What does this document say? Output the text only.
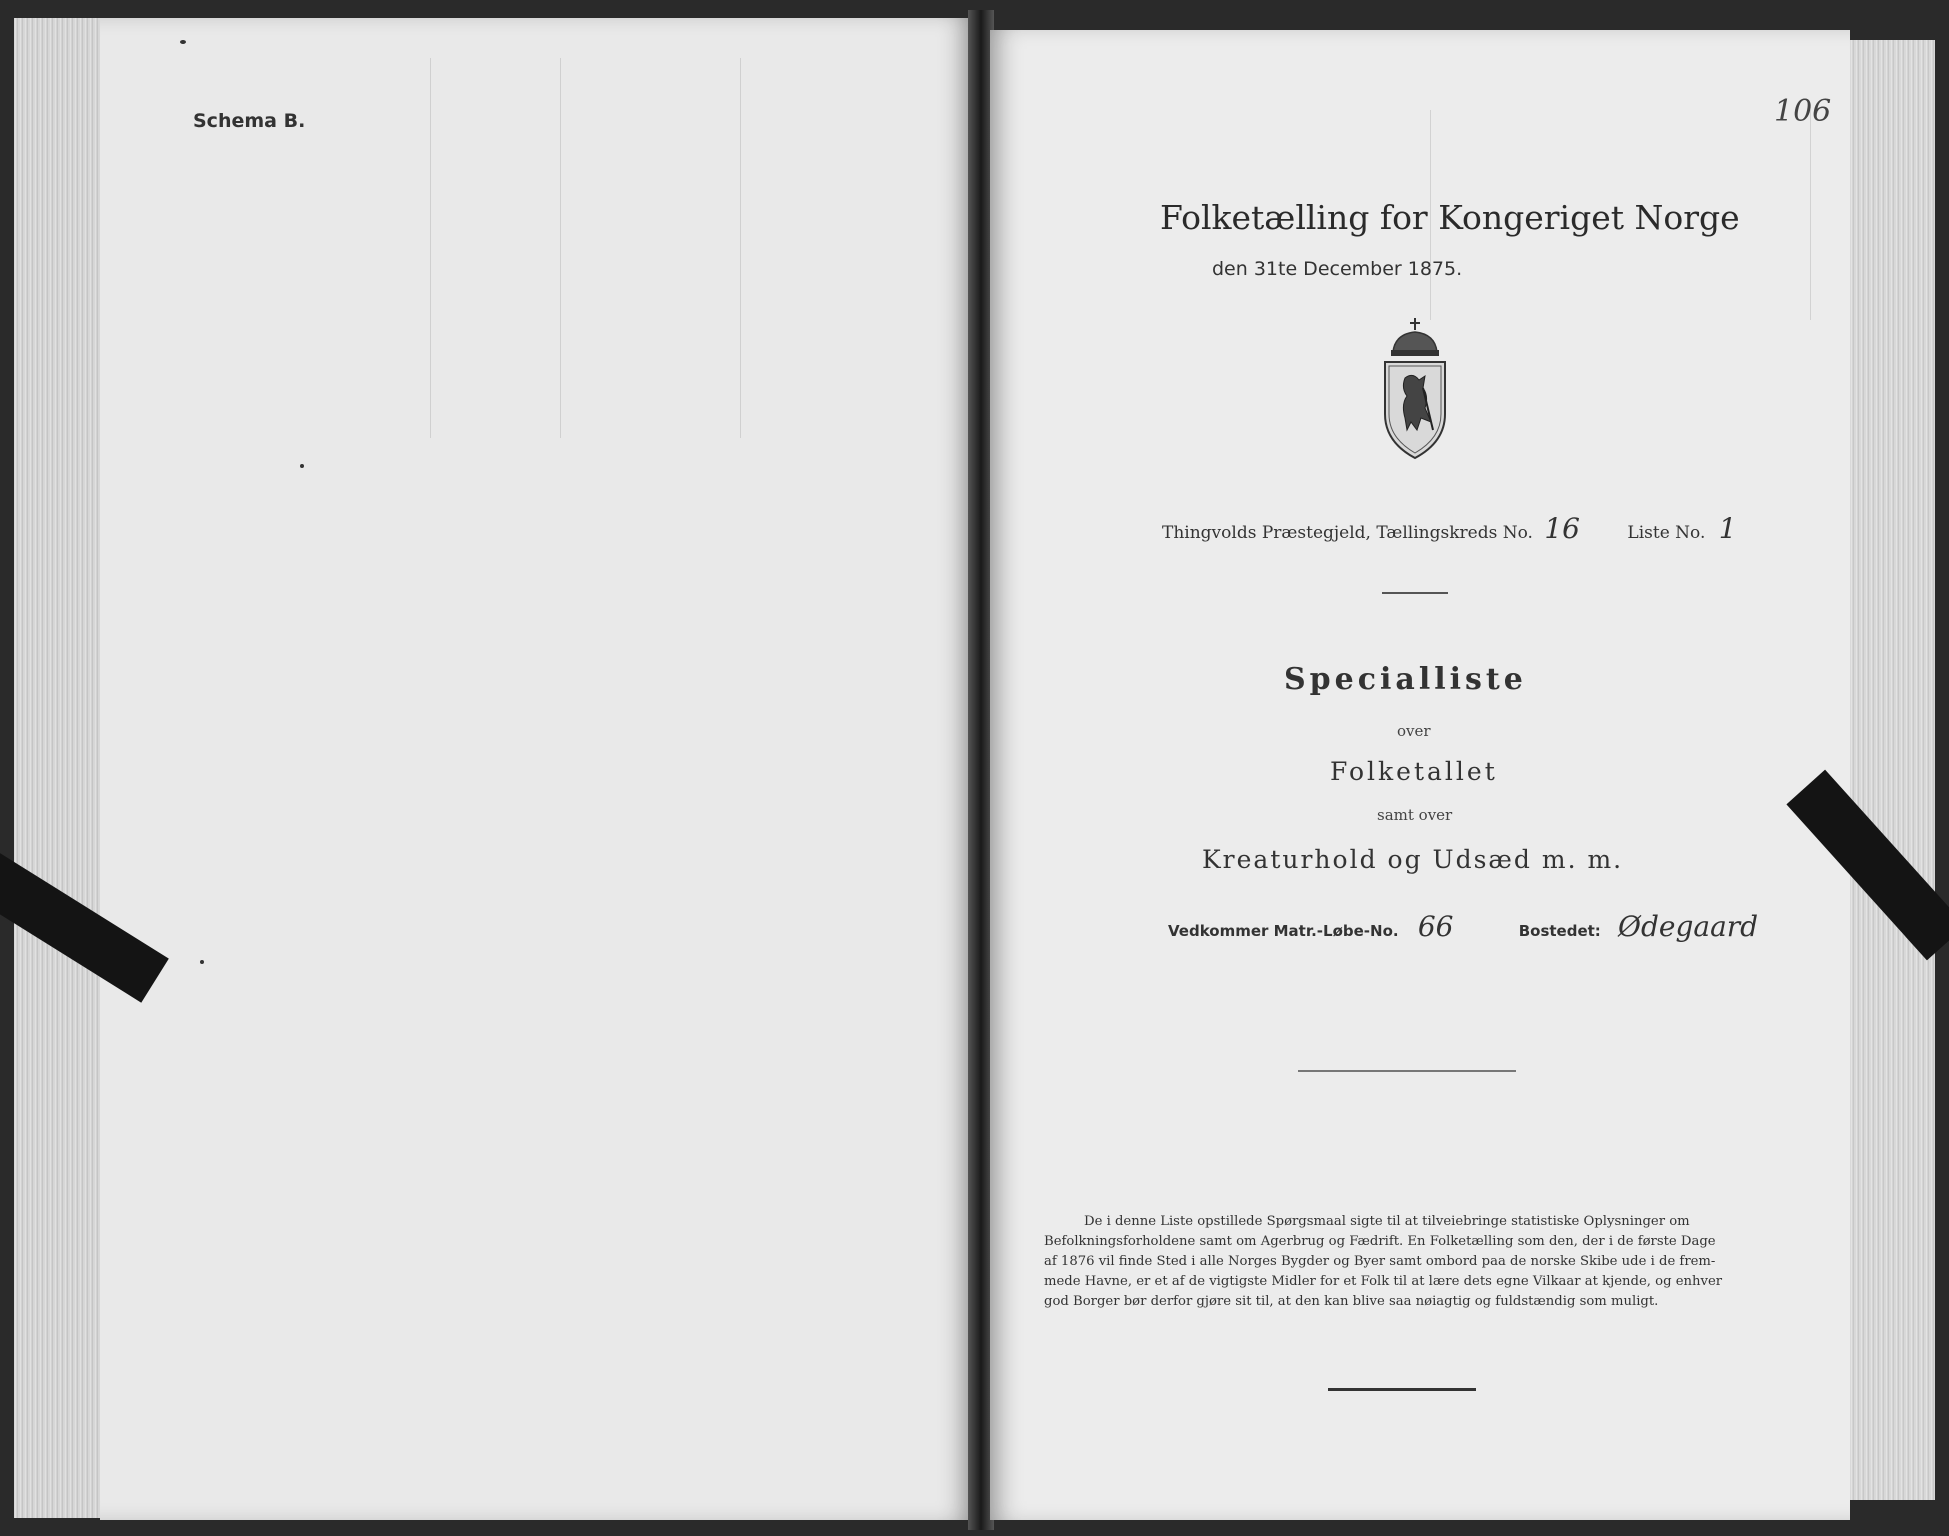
Schema B.	106
Folketælling for Kongeriget Norge
den 31te December 1875.
Thingvolds Præstegjeld, Tællingskreds No. 16	Liste No. 1
Specialliste
over
Folketallet
samt over
Kreaturhold og Udsæd m. m.
Vedkommer Matr.-Løbe-No. 66	Bostedet: Ødegaard
De i denne Liste opstillede Spørgsmaal sigte til at tilveiebringe statistiske Oplysninger om
Befolkningsforholdene samt om Agerbrug og Fædrift. En Folketælling som den, der i de første Dage
af 1876 vil finde Sted i alle Norges Bygder og Byer samt ombord paa de norske Skibe ude i de frem-
mede Havne, er et af de vigtigste Midler for et Folk til at lære dets egne Vilkaar at kjende, og enhver
god Borger bør derfor gjøre sit til, at den kan blive saa nøiagtig og fuldstændig som muligt.
